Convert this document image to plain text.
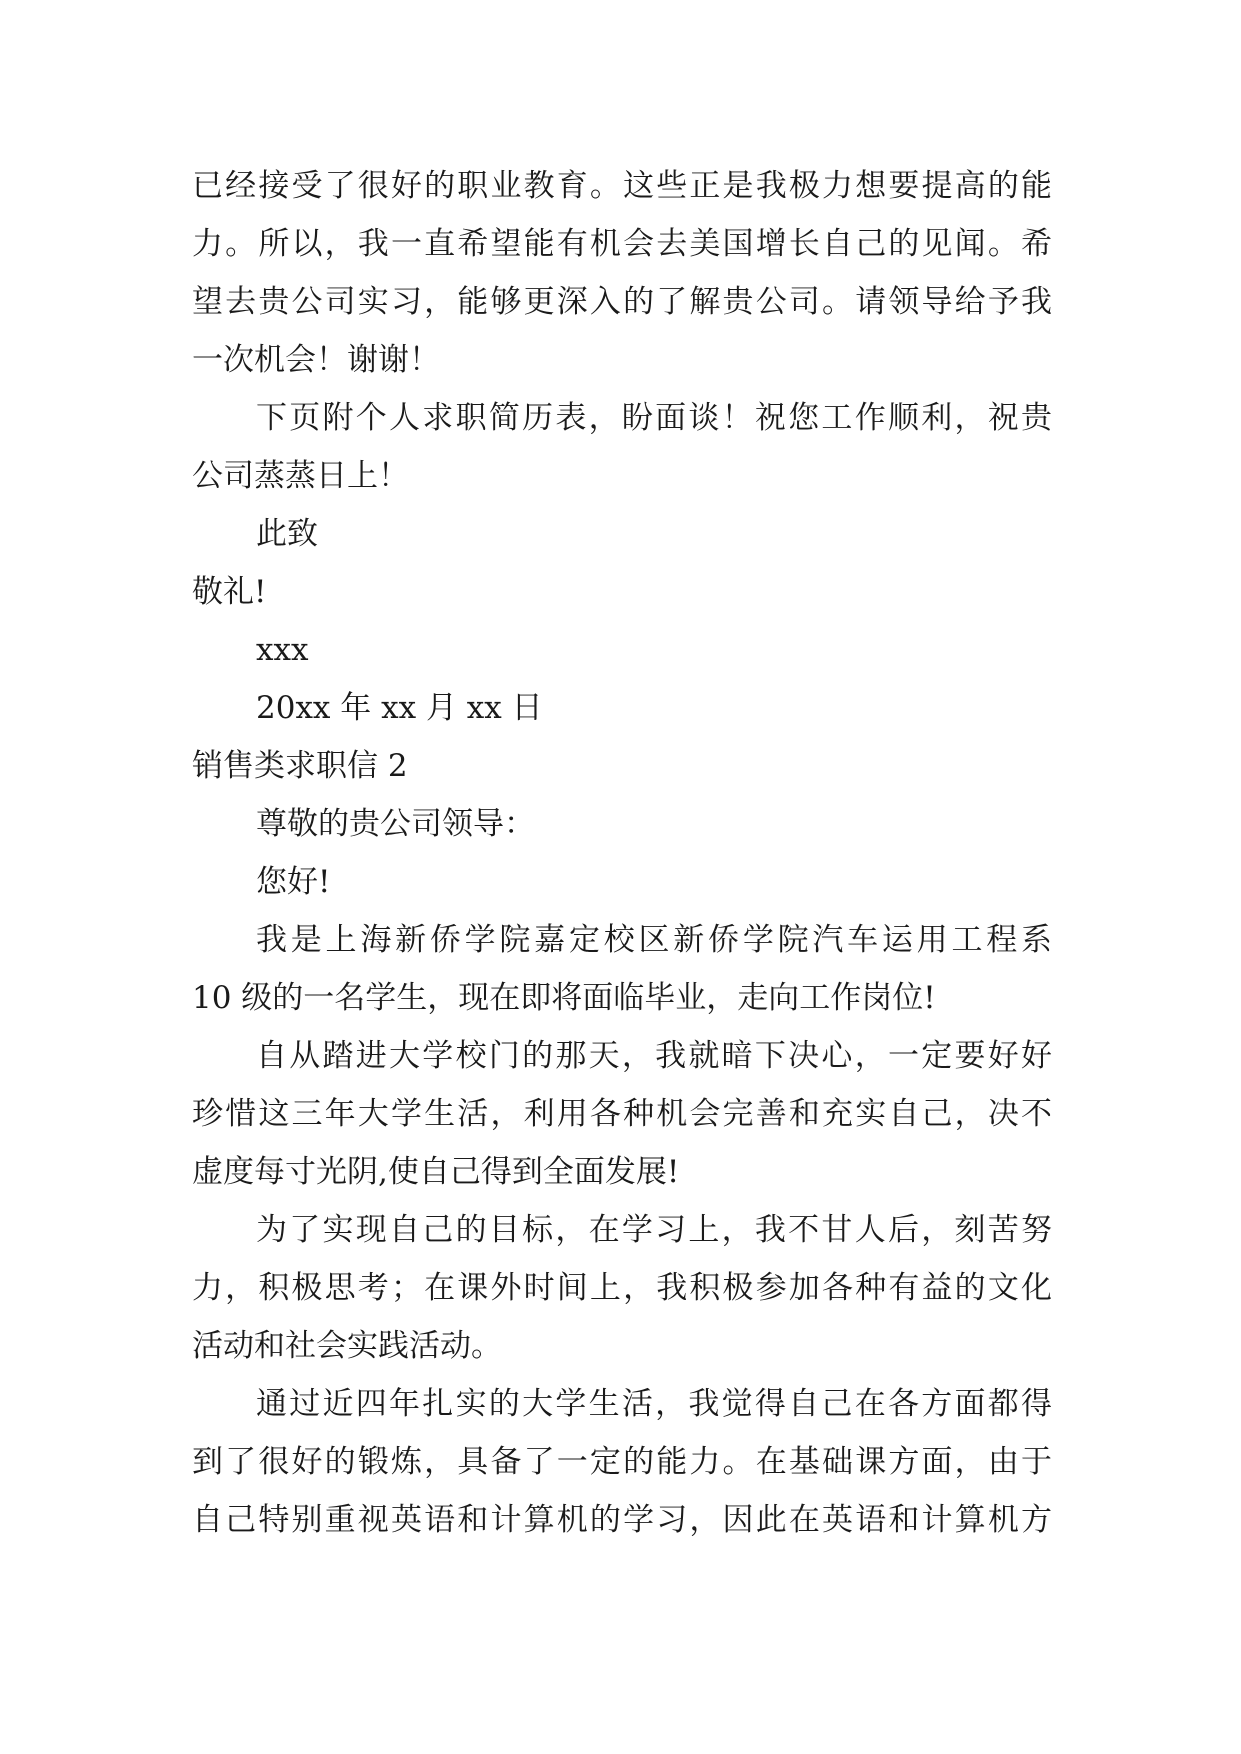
已经接受了很好的职业教育。这些正是我极力想要提高的能
力。所以，我一直希望能有机会去美国增长自己的见闻。希
望去贵公司实习，能够更深入的了解贵公司。请领导给予我
一次机会！谢谢！
下页附个人求职简历表，盼面谈！祝您工作顺利，祝贵
公司蒸蒸日上！
此致
敬礼!
xxx
20xx 年 xx 月 xx 日
销售类求职信 2
尊敬的贵公司领导：
您好!
我是上海新侨学院嘉定校区新侨学院汽车运用工程系
10 级的一名学生，现在即将面临毕业，走向工作岗位!
自从踏进大学校门的那天，我就暗下决心，一定要好好
珍惜这三年大学生活，利用各种机会完善和充实自己，决不
虚度每寸光阴,使自己得到全面发展!
为了实现自己的目标，在学习上，我不甘人后，刻苦努
力，积极思考；在课外时间上，我积极参加各种有益的文化
活动和社会实践活动。
通过近四年扎实的大学生活，我觉得自己在各方面都得
到了很好的锻炼，具备了一定的能力。在基础课方面，由于
自己特别重视英语和计算机的学习，因此在英语和计算机方
